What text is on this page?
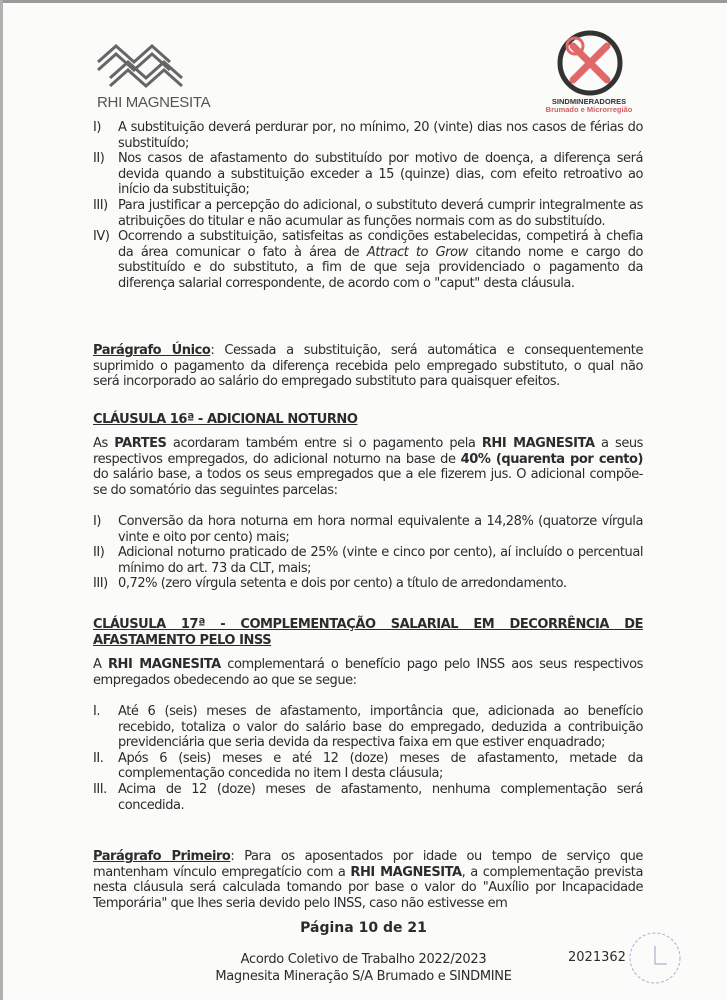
RHI MAGNESITA	SINDMINERADORES
Brumado e Microrregião
I)	A substituição deverá perdurar por, no mínimo, 20 (vinte) dias nos casos de férias do substituído;
II)	Nos casos de afastamento do substituído por motivo de doença, a diferença será devida quando a substituição exceder a 15 (quinze) dias, com efeito retroativo ao início da substituição;
III) Para justificar a percepção do adicional, o substituto deverá cumprir integralmente as atribuições do titular e não acumular as funções normais com as do substituído.
IV) Ocorrendo a substituição, satisfeitas as condições estabelecidas, competirá à chefia da área comunicar o fato à área de Attract to Grow citando nome e cargo do substituído e do substituto, a fim de que seja providenciado o pagamento da diferença salarial correspondente, de acordo com o "caput" desta cláusula.
Parágrafo Único: Cessada a substituição, será automática e consequentemente suprimido o pagamento da diferença recebida pelo empregado substituto, o qual não será incorporado ao salário do empregado substituto para quaisquer efeitos.
CLÁUSULA 16ª - ADICIONAL NOTURNO
As PARTES acordaram também entre si o pagamento pela RHI MAGNESITA a seus respectivos empregados, do adicional noturno na base de 40% (quarenta por cento) do salário base, a todos os seus empregados que a ele fizerem jus. O adicional compõe-se do somatório das seguintes parcelas:
I)	Conversão da hora noturna em hora normal equivalente a 14,28% (quatorze vírgula vinte e oito por cento) mais;
II)	Adicional noturno praticado de 25% (vinte e cinco por cento), aí incluído o percentual mínimo do art. 73 da CLT, mais;
III) 0,72% (zero vírgula setenta e dois por cento) a título de arredondamento.
CLÁUSULA 17ª - COMPLEMENTAÇÃO SALARIAL EM DECORRÊNCIA DE AFASTAMENTO PELO INSS
A RHI MAGNESITA complementará o benefício pago pelo INSS aos seus respectivos empregados obedecendo ao que se segue:
I.	Até 6 (seis) meses de afastamento, importância que, adicionada ao benefício recebido, totaliza o valor do salário base do empregado, deduzida a contribuição previdenciária que seria devida da respectiva faixa em que estiver enquadrado;
II.	Após 6 (seis) meses e até 12 (doze) meses de afastamento, metade da complementação concedida no item I desta cláusula;
III. Acima de 12 (doze) meses de afastamento, nenhuma complementação será concedida.
Parágrafo Primeiro: Para os aposentados por idade ou tempo de serviço que mantenham vínculo empregatício com a RHI MAGNESITA, a complementação prevista nesta cláusula será calculada tomando por base o valor do "Auxílio por Incapacidade Temporária" que lhes seria devido pelo INSS, caso não estivesse em
Página 10 de 21
Acordo Coletivo de Trabalho 2022/2023
Magnesita Mineração S/A Brumado e SINDMINE
2021362
